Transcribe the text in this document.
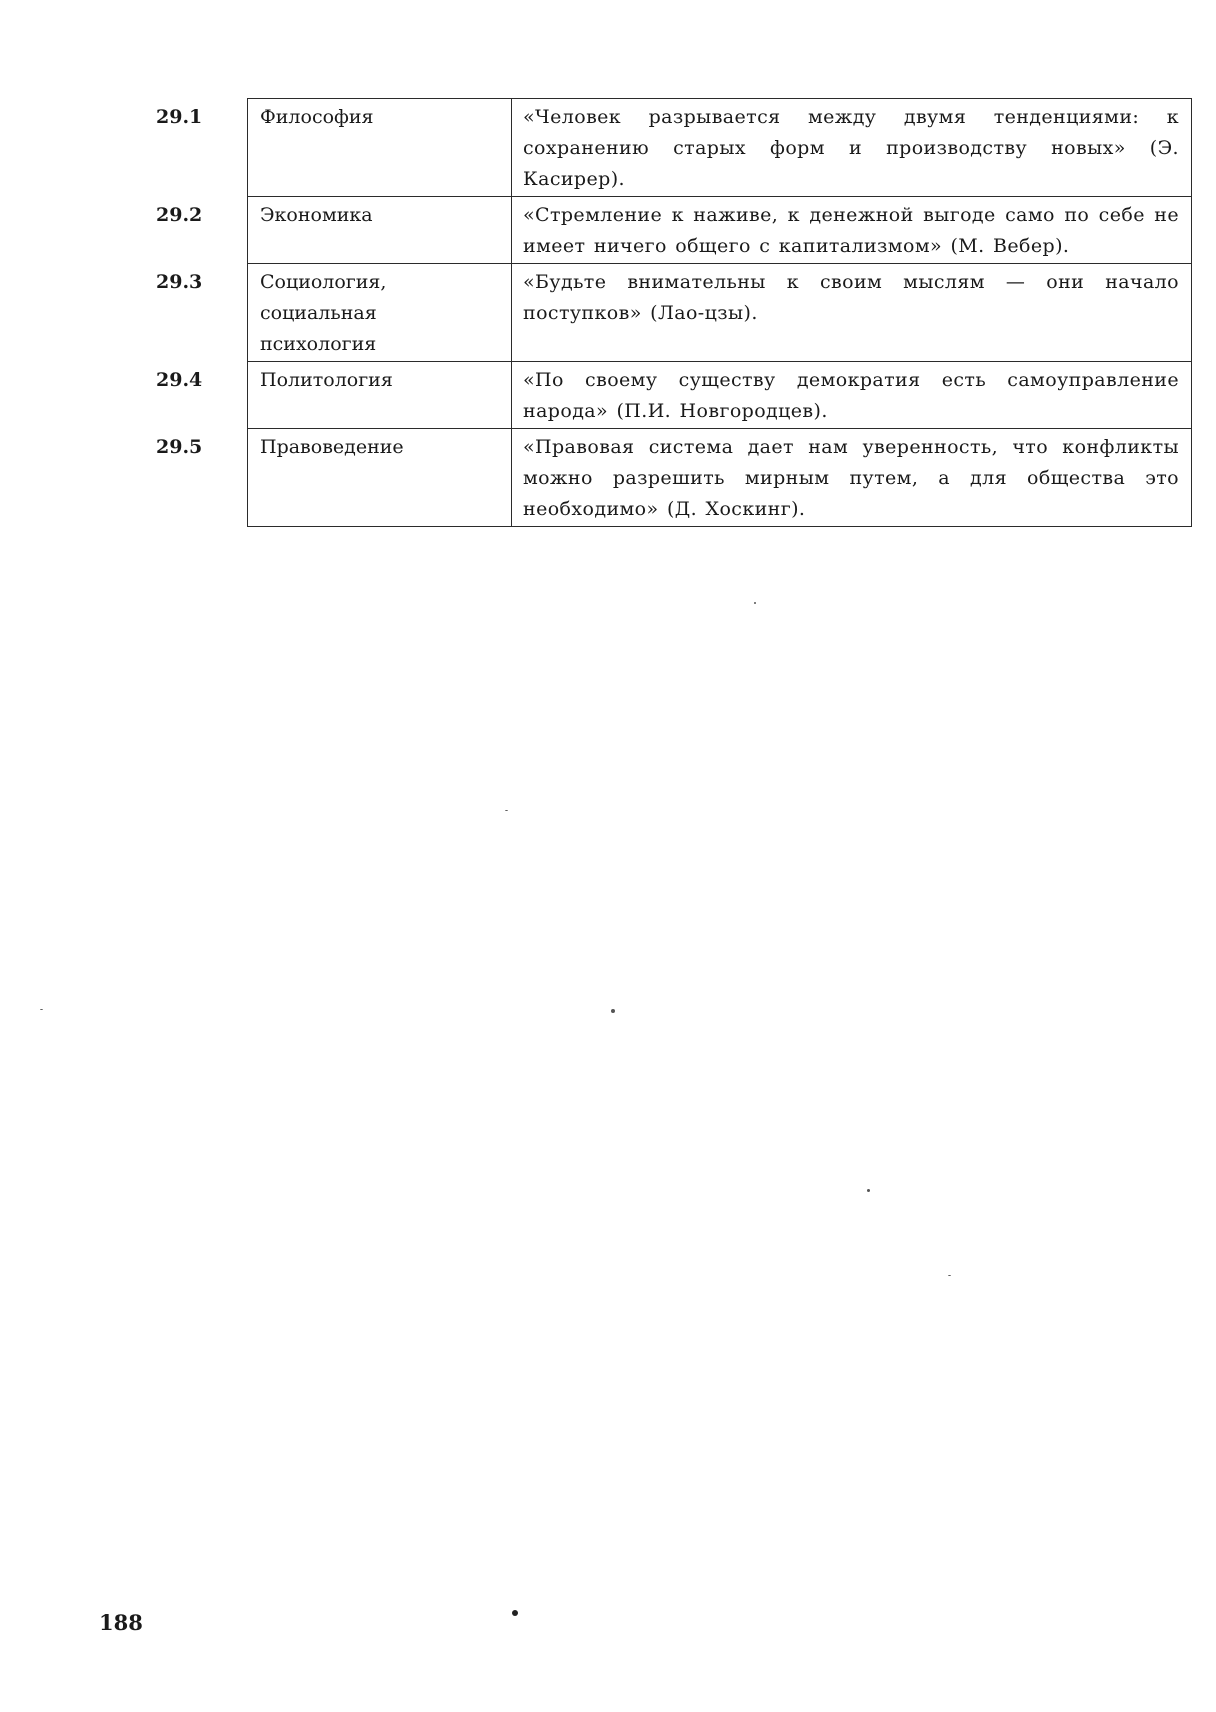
29.1	Философия	«Человек разрывается между двумя тенденциями: к сохранению старых форм и производству новых» (Э. Касирер).

29.2	Экономика	«Стремление к наживе, к денежной выгоде само по себе не имеет ничего общего с капитализмом» (М. Вебер).

29.3	Социология, социальная психология	«Будьте внимательны к своим мыслям — они начало поступков» (Лао-цзы).

29.4	Политология	«По своему существу демократия есть самоуправление народа» (П.И. Новгородцев).

29.5	Правоведение	«Правовая система дает нам уверенность, что конфликты можно разрешить мирным путем, а для общества это необходимо» (Д. Хоскинг).
188
